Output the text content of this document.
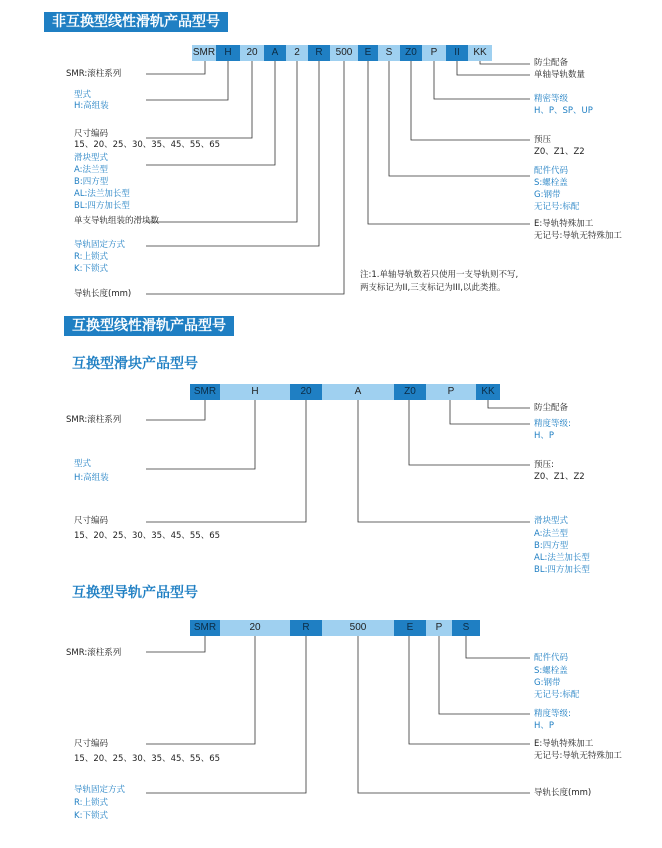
非互换型线性滑轨产品型号
SMR H	20	A	2	R	500	E	S	Z0	P	II	KK
SMR:滚柱系列
型式
H:高组装
尺寸编码
15、20、25、30、35、45、55、65
滑块型式
A:法兰型
B:四方型
AL:法兰加长型
BL:四方加长型
单支导轨组装的滑块数
导轨固定方式
R:上锁式
K:下锁式
导轨长度(mm)
防尘配备
单轴导轨数量
精密等级
H、P、SP、UP
预压
Z0、Z1、Z2
配件代码
S:螺栓盖
G:钢带
无记号:标配
E:导轨特殊加工
无记号:导轨无特殊加工
注:1.单轴导轨数若只使用一支导轨则不写,
两支标记为II,三支标记为III,以此类推。
互换型线性滑轨产品型号
互换型滑块产品型号
SMR	H	20	A	Z0	P	KK
SMR:滚柱系列
型式
H:高组装
尺寸编码
15、20、25、30、35、45、55、65
防尘配备
精度等级:
H、P
预压:
Z0、Z1、Z2
滑块型式
A:法兰型
B:四方型
AL:法兰加长型
BL:四方加长型
互换型导轨产品型号
SMR	20	R	500	E	P	S
SMR:滚柱系列
尺寸编码
15、20、25、30、35、45、55、65
导轨固定方式
R:上锁式
K:下锁式
配件代码
S:螺栓盖
G:钢带
无记号:标配
精度等级:
H、P
E:导轨特殊加工
无记号:导轨无特殊加工
导轨长度(mm)
